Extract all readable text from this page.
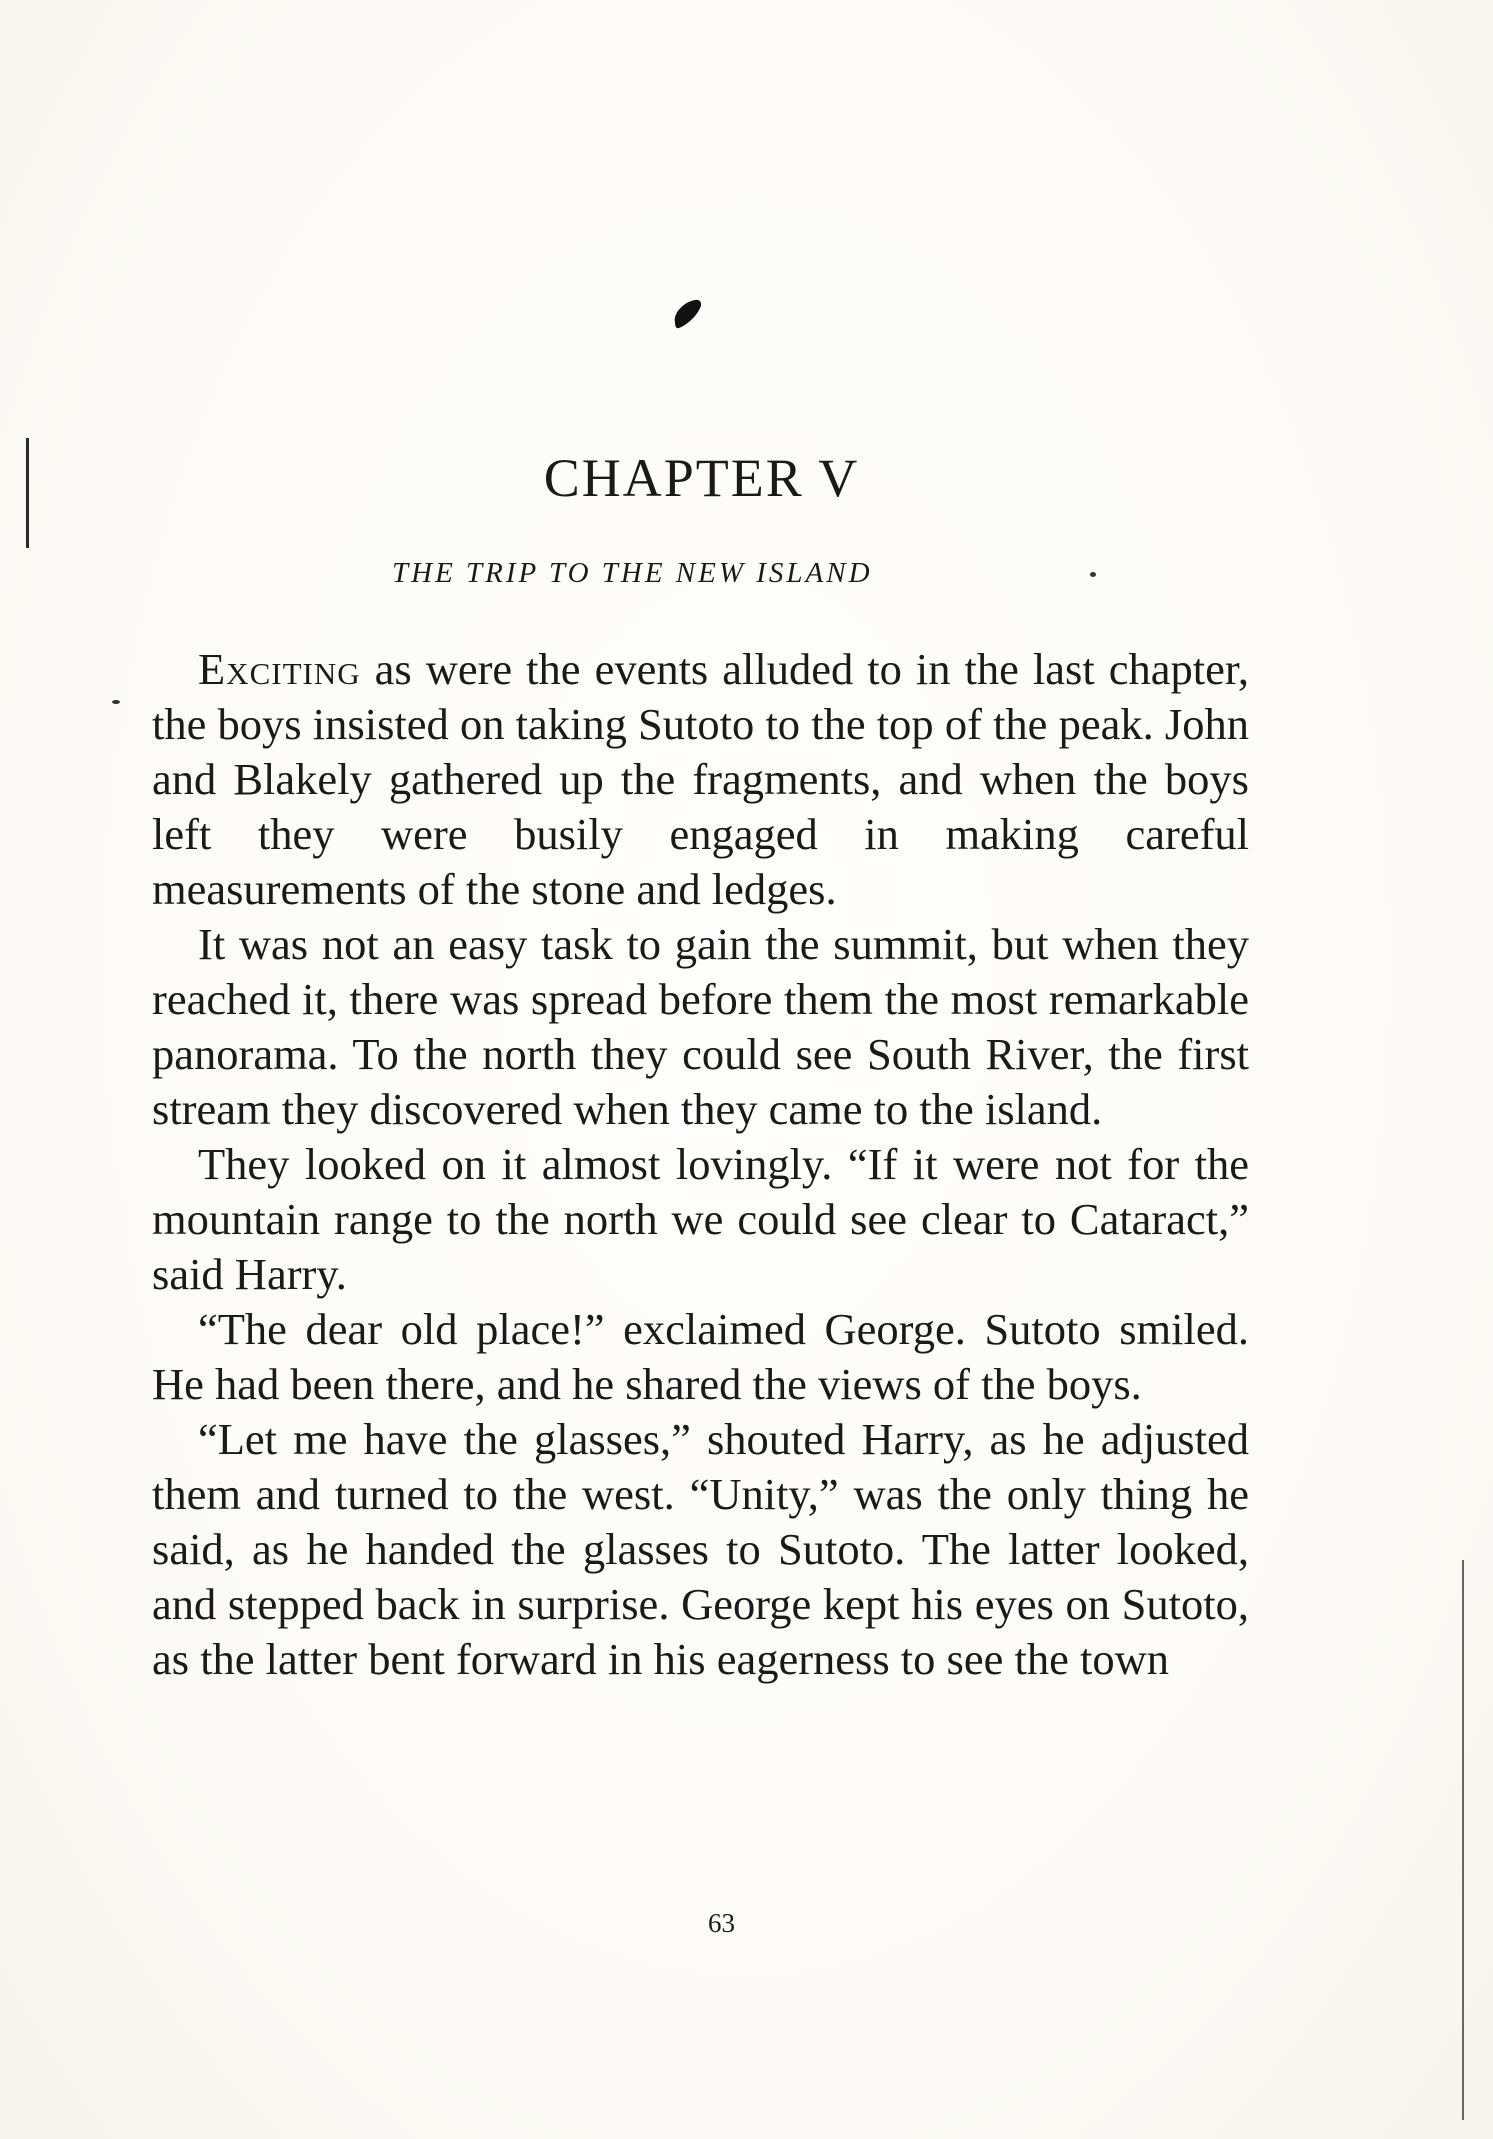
CHAPTER V
THE TRIP TO THE NEW ISLAND

Exciting as were the events alluded to in the last chapter, the boys insisted on taking Sutoto to the top of the peak. John and Blakely gathered up the fragments, and when the boys left they were busily engaged in making careful measurements of the stone and ledges.

It was not an easy task to gain the summit, but when they reached it, there was spread before them the most remarkable panorama. To the north they could see South River, the first stream they discovered when they came to the island.

They looked on it almost lovingly. “If it were not for the mountain range to the north we could see clear to Cataract,” said Harry.

“The dear old place!” exclaimed George. Sutoto smiled. He had been there, and he shared the views of the boys.

“Let me have the glasses,” shouted Harry, as he adjusted them and turned to the west. “Unity,” was the only thing he said, as he handed the glasses to Sutoto. The latter looked, and stepped back in surprise. George kept his eyes on Sutoto, as the latter bent forward in his eagerness to see the town

63
